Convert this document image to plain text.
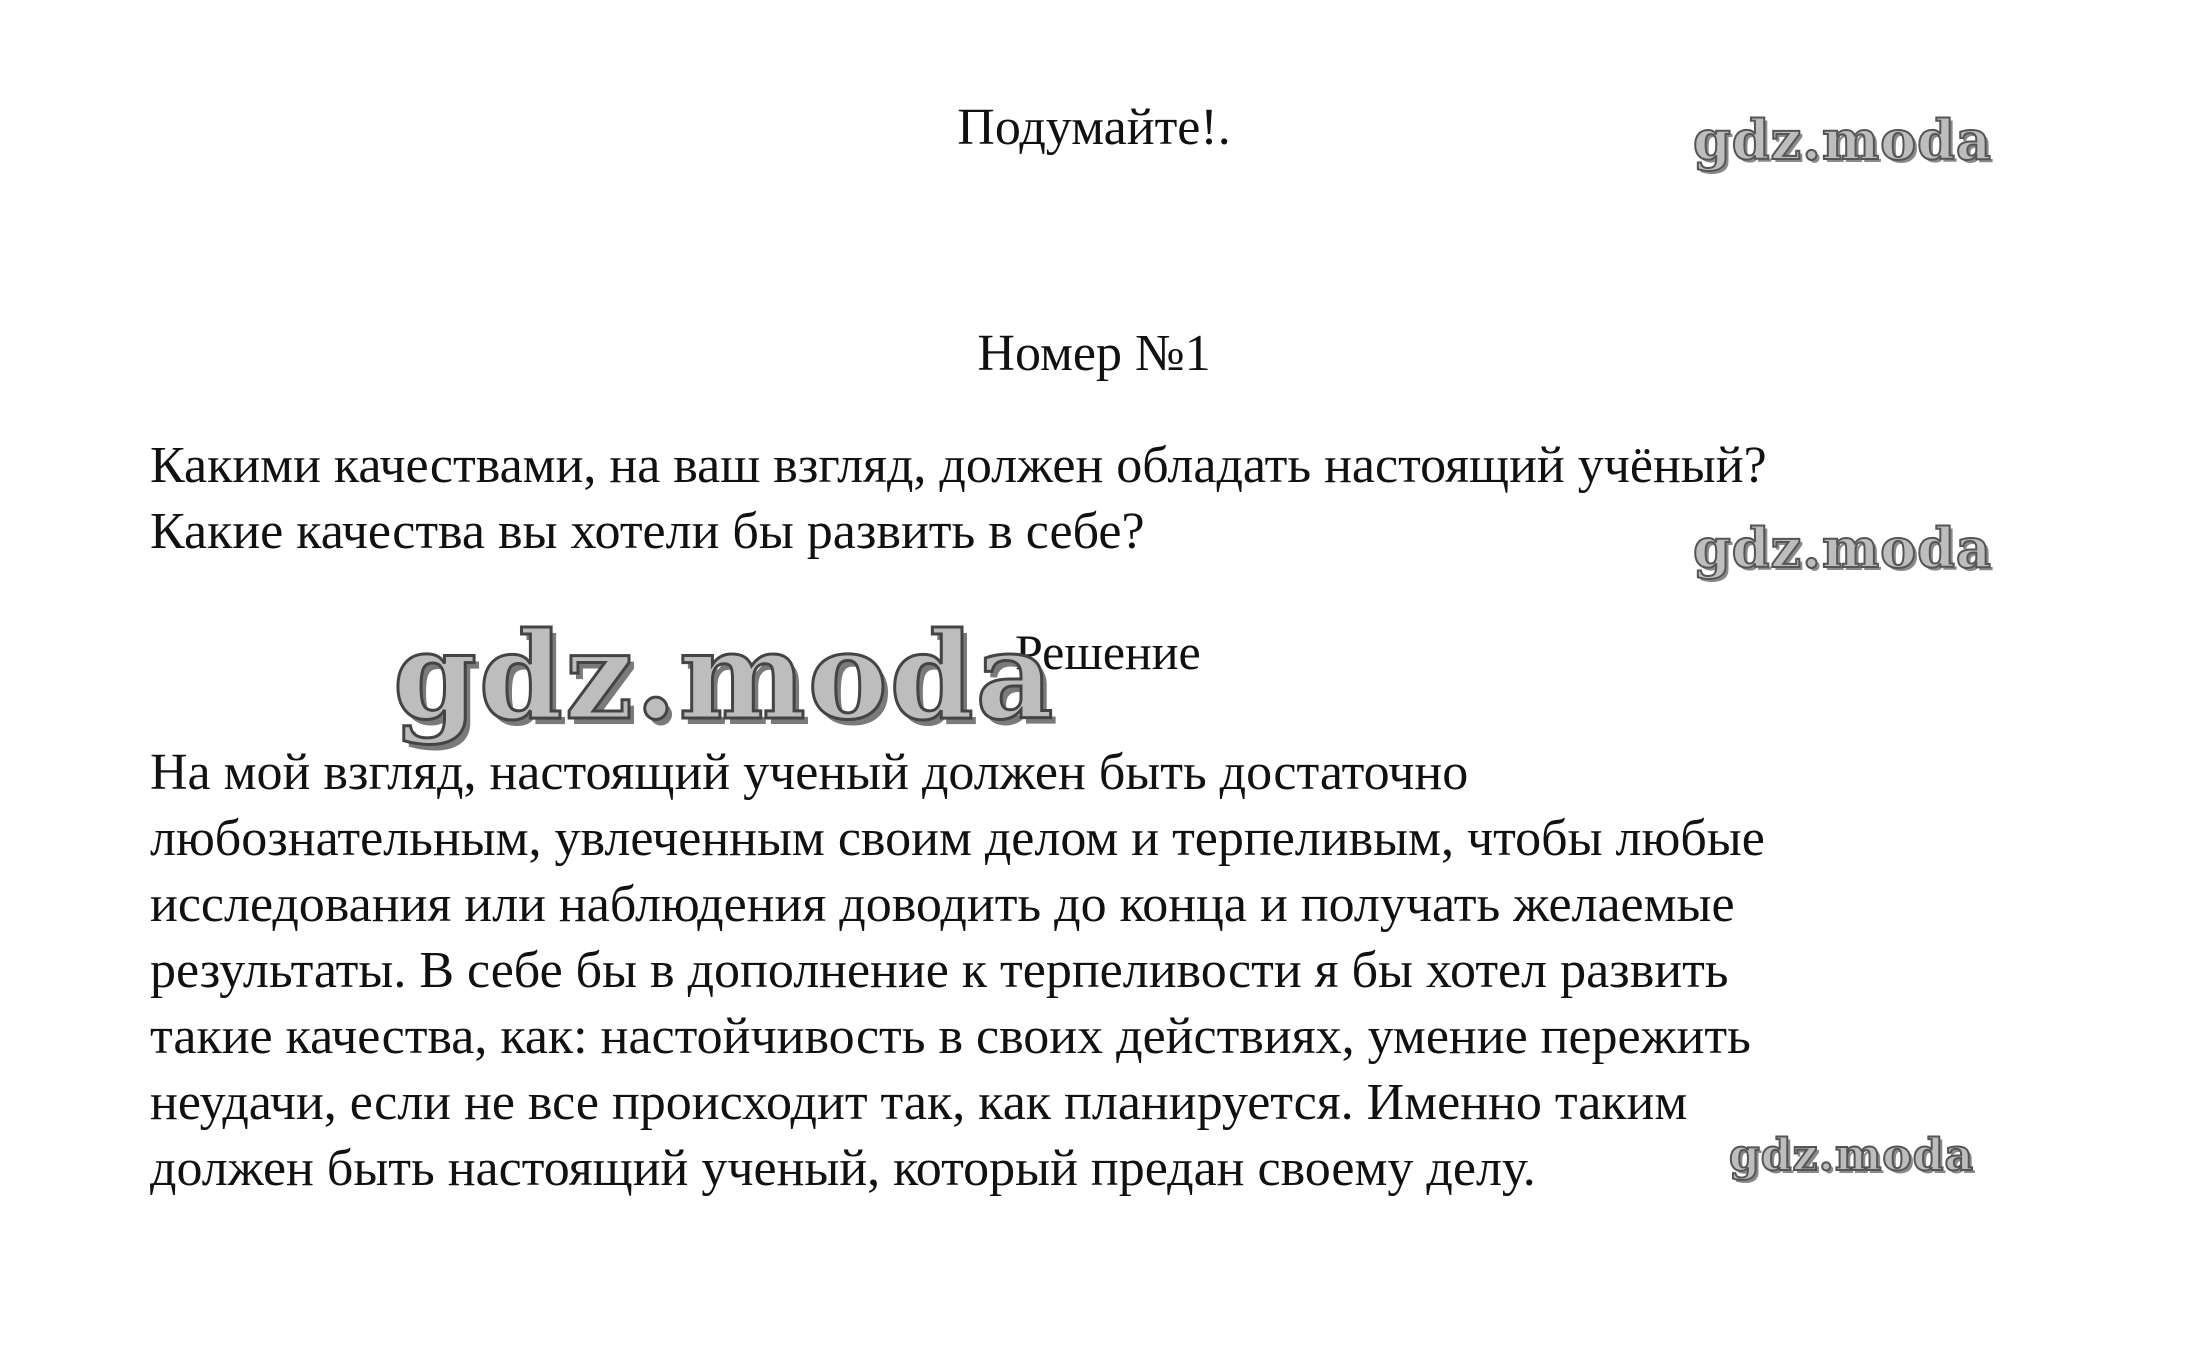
Подумайте!.
Номер №1
Какими качествами, на ваш взгляд, должен обладать настоящий учёный?
Какие качества вы хотели бы развить в себе?
Решение
На мой взгляд, настоящий ученый должен быть достаточно
любознательным, увлеченным своим делом и терпеливым, чтобы любые
исследования или наблюдения доводить до конца и получать желаемые
результаты. В себе бы в дополнение к терпеливости я бы хотел развить
такие качества, как: настойчивость в своих действиях, умение пережить
неудачи, если не все происходит так, как планируется. Именно таким
должен быть настоящий ученый, который предан своему делу.
gdz.moda
gdz.moda
gdz.moda
gdz.moda
